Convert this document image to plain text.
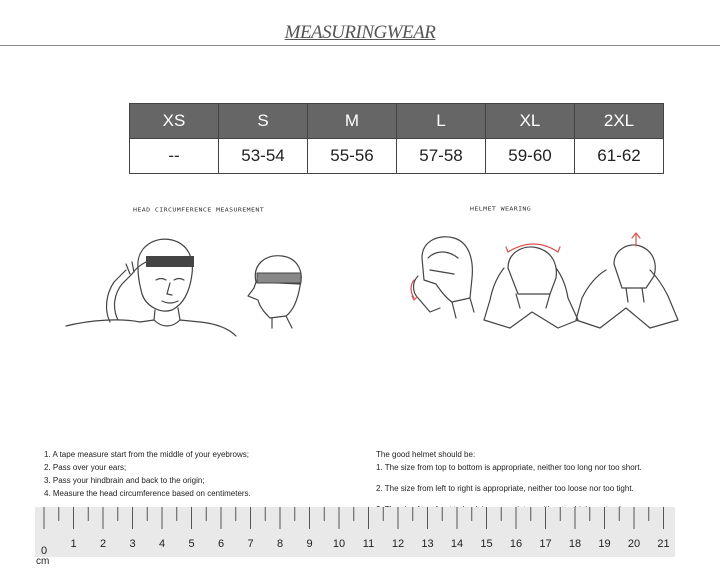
MEASURINGWEAR
XS	S	M	L	XL	2XL
--	53-54	55-56	57-58	59-60	61-62
HEAD CIRCUMFERENCE MEASUREMENT	HELMET WEARING
1. A tape measure start from the middle of your eyebrows;
2. Pass over your ears;
3. Pass your hindbrain and back to the origin;
4. Measure the head circumference based on centimeters.
The good helmet should be:
1. The size from top to bottom is appropriate, neither too long nor too short.
2. The size from left to right is appropriate, neither too loose nor too tight.
0
1 2 3 4 5 6 7 8 9 10 11 12 13 14 15 16 17 18 19 20 21
cm
